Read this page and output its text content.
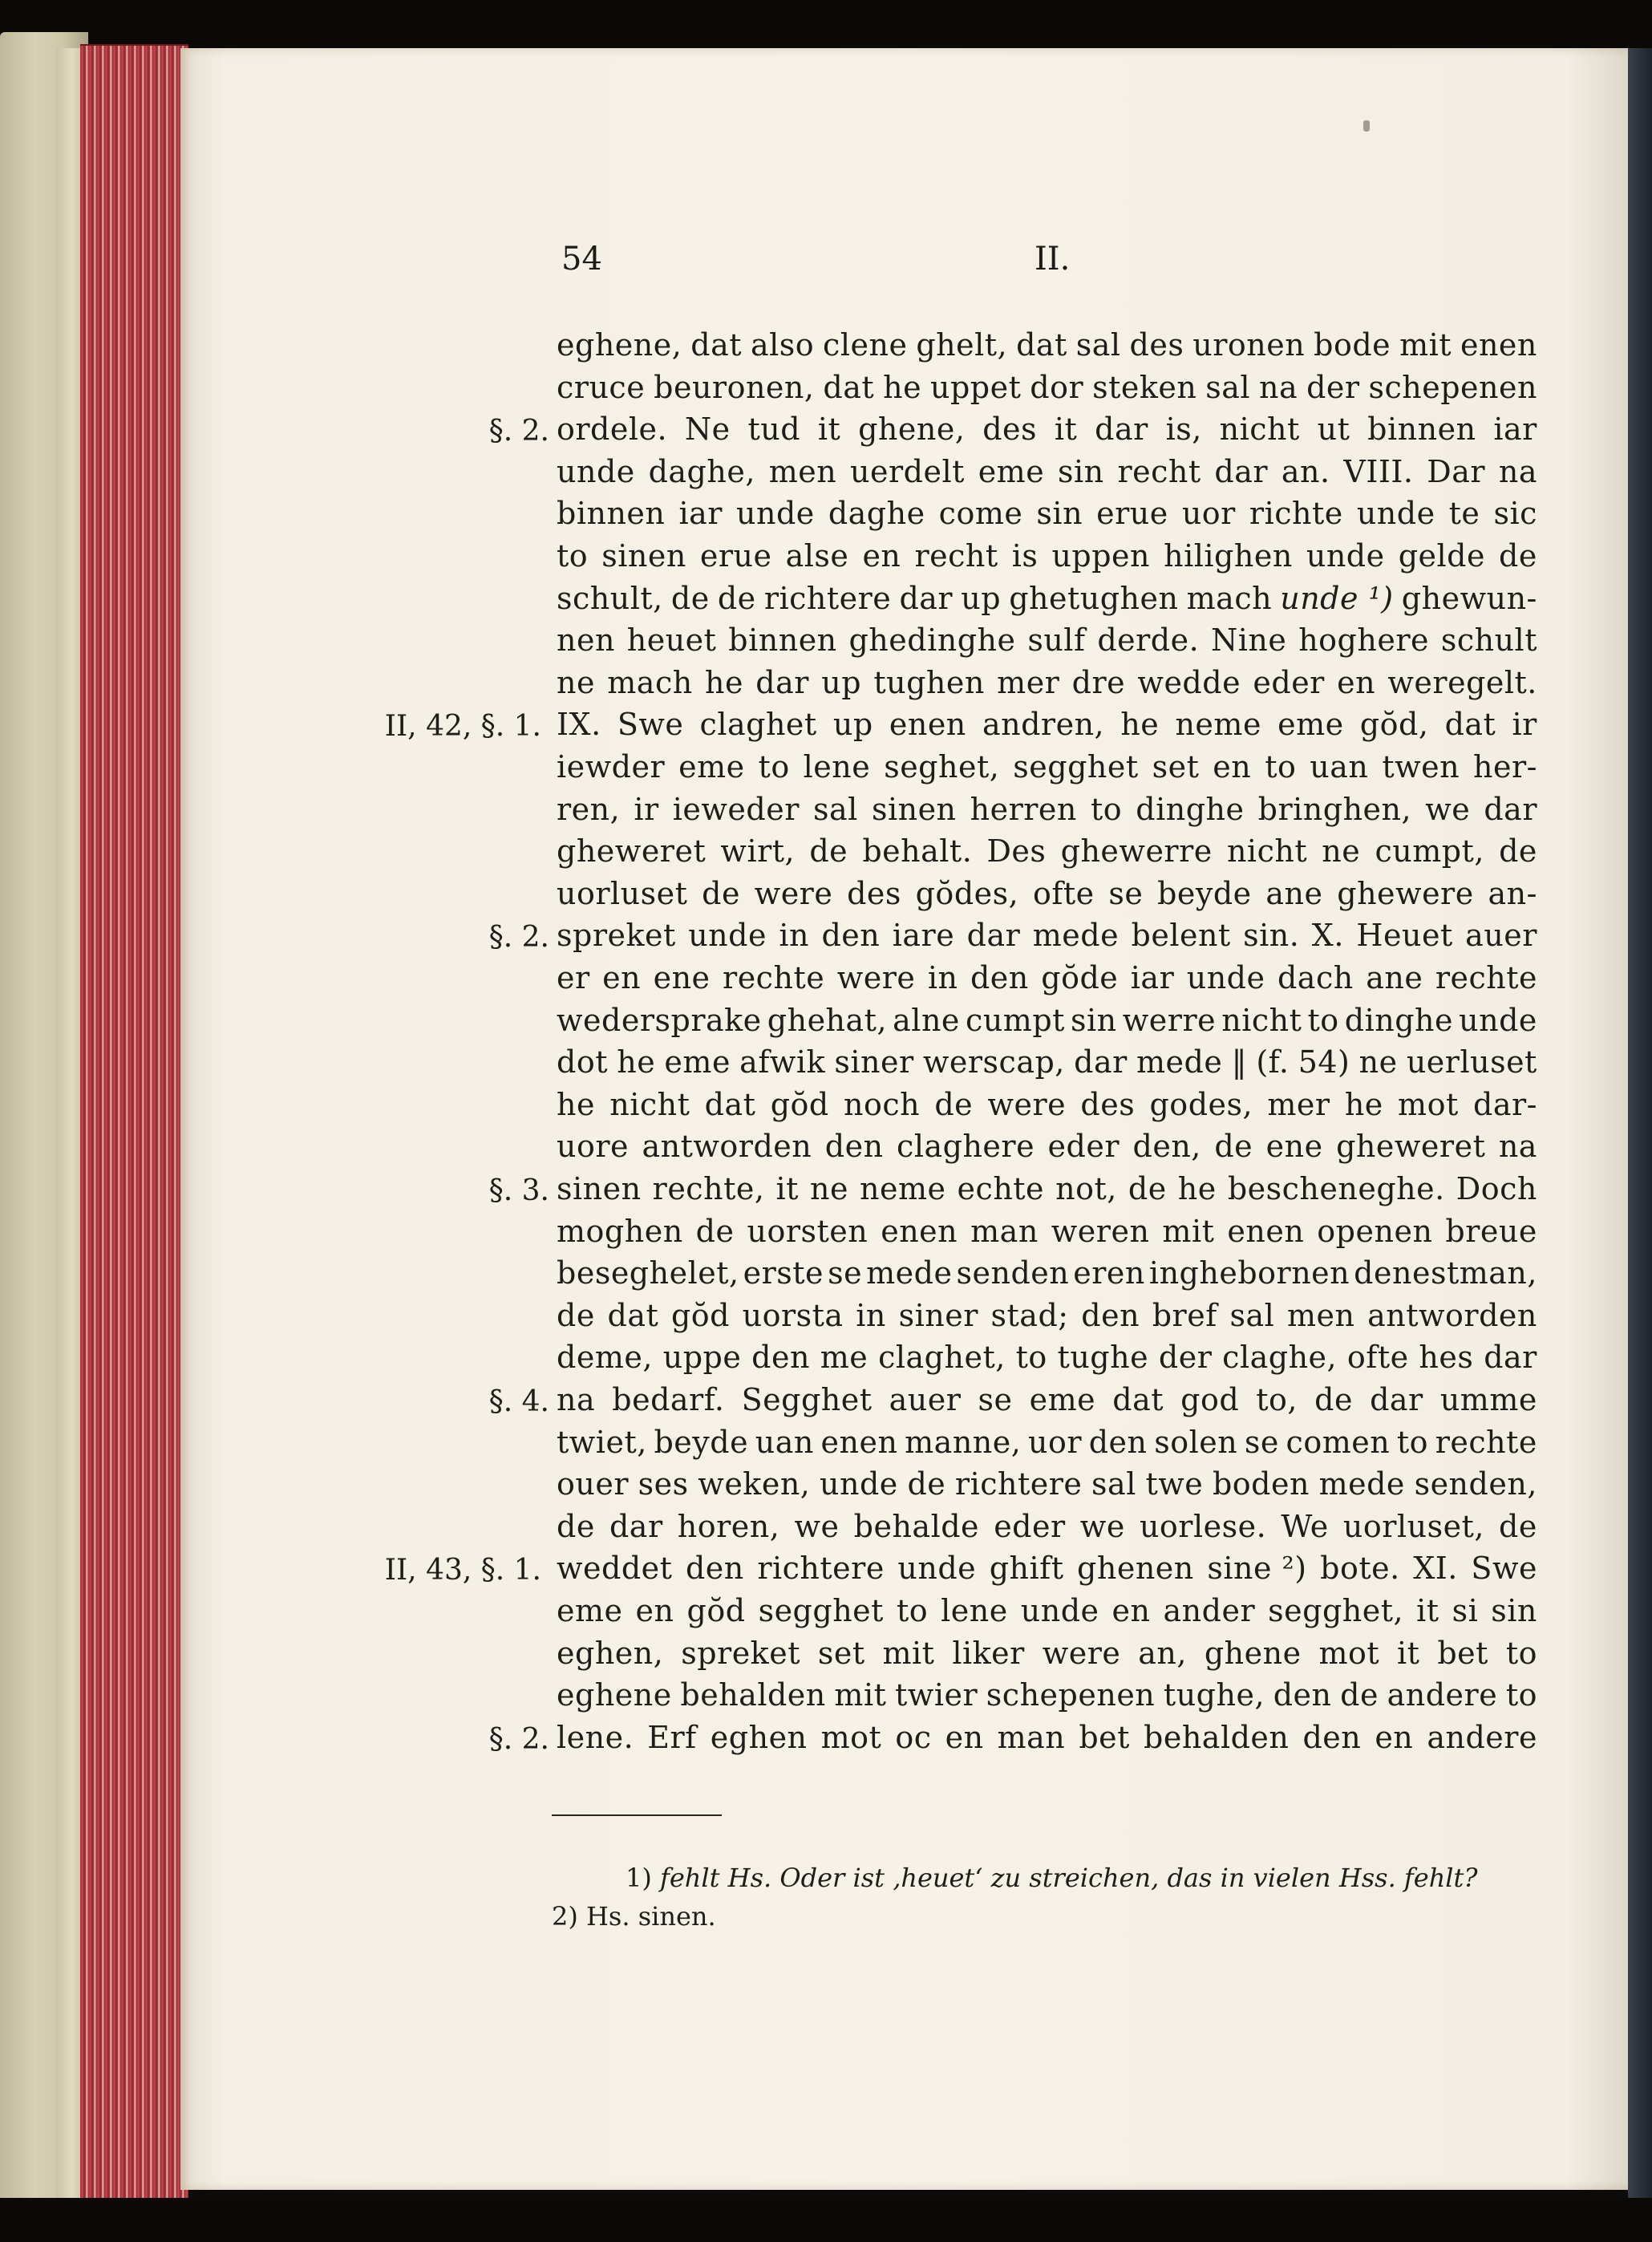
54	II.
eghene, dat also clene ghelt, dat sal des uronen bode mit enen
cruce beuronen, dat he uppet dor steken sal na der schepenen
ordele. Ne tud it ghene, des it dar is, nicht ut binnen iar
unde daghe, men uerdelt eme sin recht dar an. VIII. Dar na
binnen iar unde daghe come sin erue uor richte unde te sic
to sinen erue alse en recht is uppen hilighen unde gelde de
schult, de de richtere dar up ghetughen mach unde ¹) ghewun-
nen heuet binnen ghedinghe sulf derde. Nine hoghere schult
ne mach he dar up tughen mer dre wedde eder en weregelt.
IX. Swe claghet up enen andren, he neme eme gŏd, dat ir
iewder eme to lene seghet, segghet set en to uan twen her-
ren, ir ieweder sal sinen herren to dinghe bringhen, we dar
gheweret wirt, de behalt. Des ghewerre nicht ne cumpt, de
uorluset de were des gŏdes, ofte se beyde ane ghewere an-
spreket unde in den iare dar mede belent sin. X. Heuet auer
er en ene rechte were in den gŏde iar unde dach ane rechte
wedersprake ghehat, alne cumpt sin werre nicht to dinghe unde
dot he eme afwik siner werscap, dar mede ‖ (f. 54) ne uerluset
he nicht dat gŏd noch de were des godes, mer he mot dar-
uore antworden den claghere eder den, de ene gheweret na
sinen rechte, it ne neme echte not, de he bescheneghe. Doch
moghen de uorsten enen man weren mit enen openen breue
beseghelet, erste se mede senden eren inghebornen denestman,
de dat gŏd uorsta in siner stad; den bref sal men antworden
deme, uppe den me claghet, to tughe der claghe, ofte hes dar
na bedarf. Segghet auer se eme dat god to, de dar umme
twiet, beyde uan enen manne, uor den solen se comen to rechte
ouer ses weken, unde de richtere sal twe boden mede senden,
de dar horen, we behalde eder we uorlese. We uorluset, de
weddet den richtere unde ghift ghenen sine ²) bote. XI. Swe
eme en gŏd segghet to lene unde en ander segghet, it si sin
eghen, spreket set mit liker were an, ghene mot it bet to
eghene behalden mit twier schepenen tughe, den de andere to
lene. Erf eghen mot oc en man bet behalden den en andere
§. 2.
II, 42, §. 1.
§. 2.
§. 3.
§. 4.
II, 43, §. 1.
§. 2.
1) fehlt Hs. Oder ist ‚heuet‘ zu streichen, das in vielen Hss. fehlt?
2) Hs. sinen.
